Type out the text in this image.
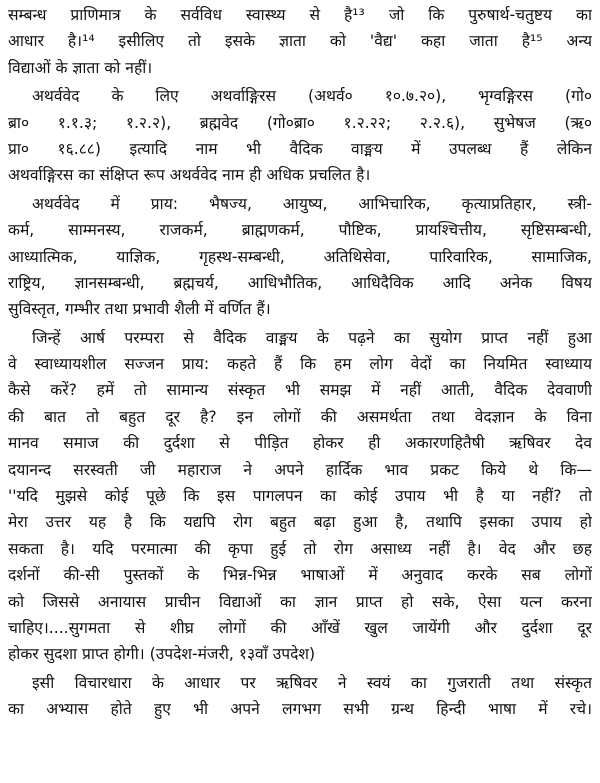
सम्बन्ध प्राणिमात्र के सर्वविध स्वास्थ्य से है¹³ जो कि पुरुषार्थ-चतुष्टय का
आधार है।¹⁴ इसीलिए तो इसके ज्ञाता को 'वैद्य' कहा जाता है¹⁵ अन्य
विद्याओं के ज्ञाता को नहीं।
अथर्ववेद के लिए अथर्वाङ्गिरस (अथर्व० १०.७.२०), भृग्वङ्गिरस (गो०
ब्रा० १.१.३; १.२.२), ब्रह्मवेद (गो०ब्रा० १.२.२२; २.२.६), सुभेषज (ऋ०
प्रा० १६.८८) इत्यादि नाम भी वैदिक वाङ्मय में उपलब्ध हैं लेकिन
अथर्वाङ्गिरस का संक्षिप्त रूप अथर्ववेद नाम ही अधिक प्रचलित है।
अथर्ववेद में प्राय: भैषज्य, आयुष्य, आभिचारिक, कृत्याप्रतिहार, स्त्री-
कर्म, साम्मनस्य, राजकर्म, ब्राह्मणकर्म, पौष्टिक, प्रायश्चित्तीय, सृष्टिसम्बन्धी,
आध्यात्मिक, याज्ञिक, गृहस्थ-सम्बन्धी, अतिथिसेवा, पारिवारिक, सामाजिक,
राष्ट्रिय, ज्ञानसम्बन्धी, ब्रह्मचर्य, आधिभौतिक, आधिदैविक आदि अनेक विषय
सुविस्तृत, गम्भीर तथा प्रभावी शैली में वर्णित हैं।
जिन्हें आर्ष परम्परा से वैदिक वाङ्मय के पढ़ने का सुयोग प्राप्त नहीं हुआ
वे स्वाध्यायशील सज्जन प्राय: कहते हैं कि हम लोग वेदों का नियमित स्वाध्याय
कैसे करें? हमें तो सामान्य संस्कृत भी समझ में नहीं आती, वैदिक देववाणी
की बात तो बहुत दूर है? इन लोगों की असमर्थता तथा वेदज्ञान के विना
मानव समाज की दुर्दशा से पीड़ित होकर ही अकारणहितैषी ऋषिवर देव
दयानन्द सरस्वती जी महाराज ने अपने हार्दिक भाव प्रकट किये थे कि—
''यदि मुझसे कोई पूछे कि इस पागलपन का कोई उपाय भी है या नहीं? तो
मेरा उत्तर यह है कि यद्यपि रोग बहुत बढ़ा हुआ है, तथापि इसका उपाय हो
सकता है। यदि परमात्मा की कृपा हुई तो रोग असाध्य नहीं है। वेद और छह
दर्शनों की-सी पुस्तकों के भिन्न-भिन्न भाषाओं में अनुवाद करके सब लोगों
को जिससे अनायास प्राचीन विद्याओं का ज्ञान प्राप्त हो सके, ऐसा यत्न करना
चाहिए।....सुगमता से शीघ्र लोगों की आँखें खुल जायेंगी और दुर्दशा दूर
होकर सुदशा प्राप्त होगी। (उपदेश-मंजरी, १३वाँ उपदेश)
इसी विचारधारा के आधार पर ऋषिवर ने स्वयं का गुजराती तथा संस्कृत
का अभ्यास होते हुए भी अपने लगभग सभी ग्रन्थ हिन्दी भाषा में रचे।
